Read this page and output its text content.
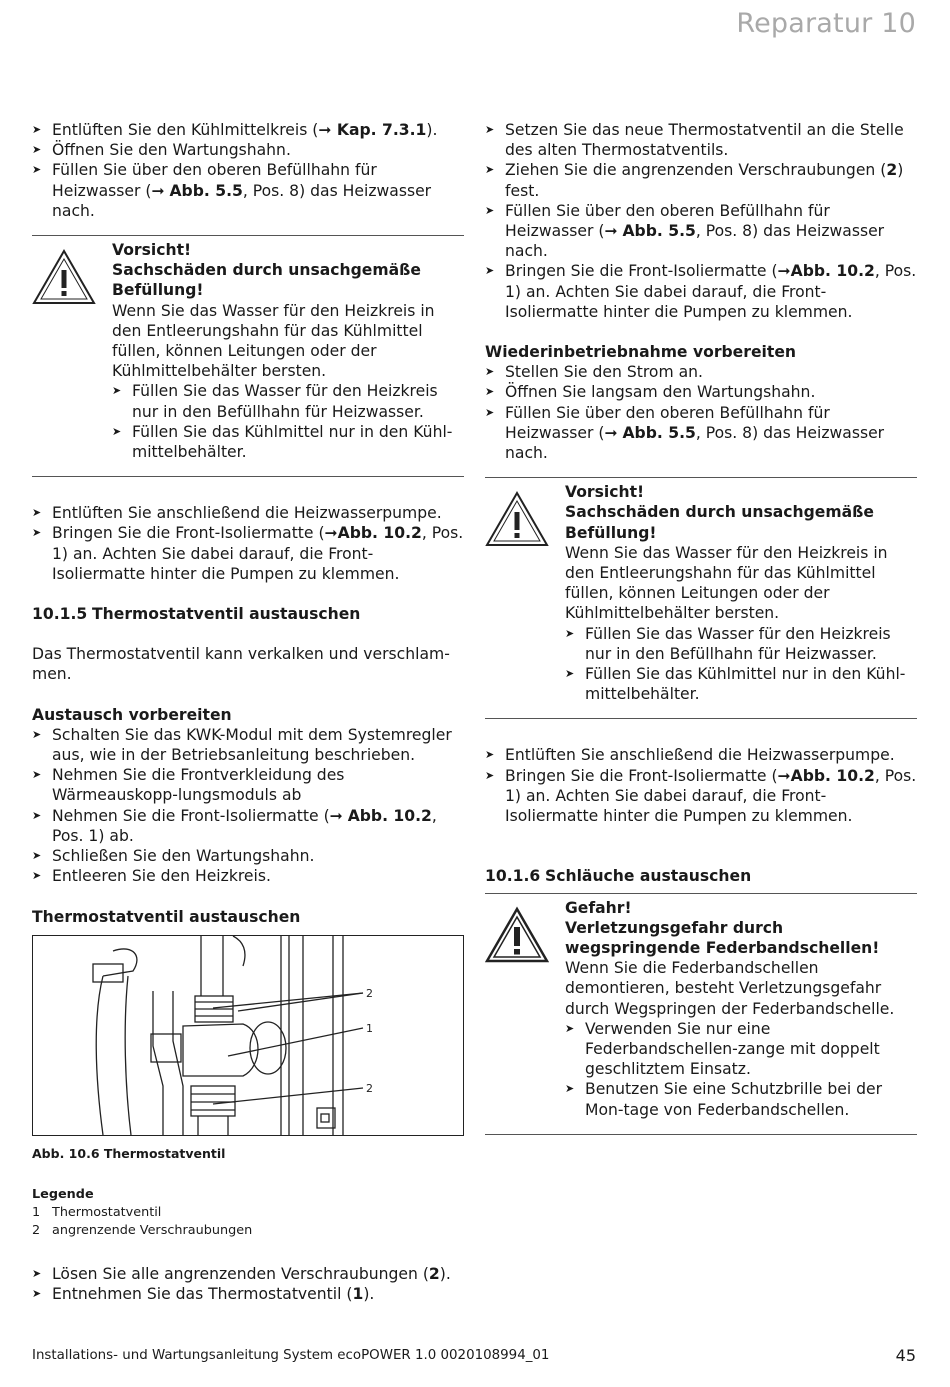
Reparatur 10
➤ Entlüften Sie den Kühlmittelkreis (➞ Kap. 7.3.1).
➤ Öffnen Sie den Wartungshahn.
➤ Füllen Sie über den oberen Befüllhahn für Heizwasser (➞ Abb. 5.5, Pos. 8) das Heizwasser nach.
Vorsicht!
Sachschäden durch unsachgemäße Befüllung!
Wenn Sie das Wasser für den Heizkreis in den Entleerungshahn für das Kühlmittel füllen, können Leitungen oder der Kühlmittelbehälter bersten.
➤ Füllen Sie das Wasser für den Heizkreis nur in den Befüllhahn für Heizwasser.
➤ Füllen Sie das Kühlmittel nur in den Kühl-mittelbehälter.
➤ Entlüften Sie anschließend die Heizwasserpumpe.
➤ Bringen Sie die Front-Isoliermatte (➞Abb. 10.2, Pos. 1) an. Achten Sie dabei darauf, die Front-Isoliermatte hinter die Pumpen zu klemmen.
10.1.5 Thermostatventil austauschen
Das Thermostatventil kann verkalken und verschlam-men.
Austausch vorbereiten
➤ Schalten Sie das KWK-Modul mit dem Systemregler aus, wie in der Betriebsanleitung beschrieben.
➤ Nehmen Sie die Frontverkleidung des Wärmeauskopp-lungsmoduls ab
➤ Nehmen Sie die Front-Isoliermatte (➞ Abb. 10.2, Pos. 1) ab.
➤ Schließen Sie den Wartungshahn.
➤ Entleeren Sie den Heizkreis.
Thermostatventil austauschen
2
1
2
Abb. 10.6 Thermostatventil
Legende
1 Thermostatventil
2 angrenzende Verschraubungen
➤ Lösen Sie alle angrenzenden Verschraubungen (2).
➤ Entnehmen Sie das Thermostatventil (1).
➤ Setzen Sie das neue Thermostatventil an die Stelle des alten Thermostatventils.
➤ Ziehen Sie die angrenzenden Verschraubungen (2) fest.
➤ Füllen Sie über den oberen Befüllhahn für Heizwasser (➞ Abb. 5.5, Pos. 8) das Heizwasser nach.
➤ Bringen Sie die Front-Isoliermatte (➞Abb. 10.2, Pos. 1) an. Achten Sie dabei darauf, die Front-Isoliermatte hinter die Pumpen zu klemmen.
Wiederinbetriebnahme vorbereiten
➤ Stellen Sie den Strom an.
➤ Öffnen Sie langsam den Wartungshahn.
➤ Füllen Sie über den oberen Befüllhahn für Heizwasser (➞ Abb. 5.5, Pos. 8) das Heizwasser nach.
Vorsicht!
Sachschäden durch unsachgemäße Befüllung!
Wenn Sie das Wasser für den Heizkreis in den Entleerungshahn für das Kühlmittel füllen, können Leitungen oder der Kühlmittelbehälter bersten.
➤ Füllen Sie das Wasser für den Heizkreis nur in den Befüllhahn für Heizwasser.
➤ Füllen Sie das Kühlmittel nur in den Kühl-mittelbehälter.
➤ Entlüften Sie anschließend die Heizwasserpumpe.
➤ Bringen Sie die Front-Isoliermatte (➞Abb. 10.2, Pos. 1) an. Achten Sie dabei darauf, die Front-Isoliermatte hinter die Pumpen zu klemmen.
10.1.6 Schläuche austauschen
Gefahr!
Verletzungsgefahr durch wegspringende Federbandschellen!
Wenn Sie die Federbandschellen demontieren, besteht Verletzungsgefahr durch Wegspringen der Federbandschelle.
➤ Verwenden Sie nur eine Federbandschellen-zange mit doppelt geschlitztem Einsatz.
➤ Benutzen Sie eine Schutzbrille bei der Mon-tage von Federbandschellen.
Installations- und Wartungsanleitung System ecoPOWER 1.0 0020108994_01	45
